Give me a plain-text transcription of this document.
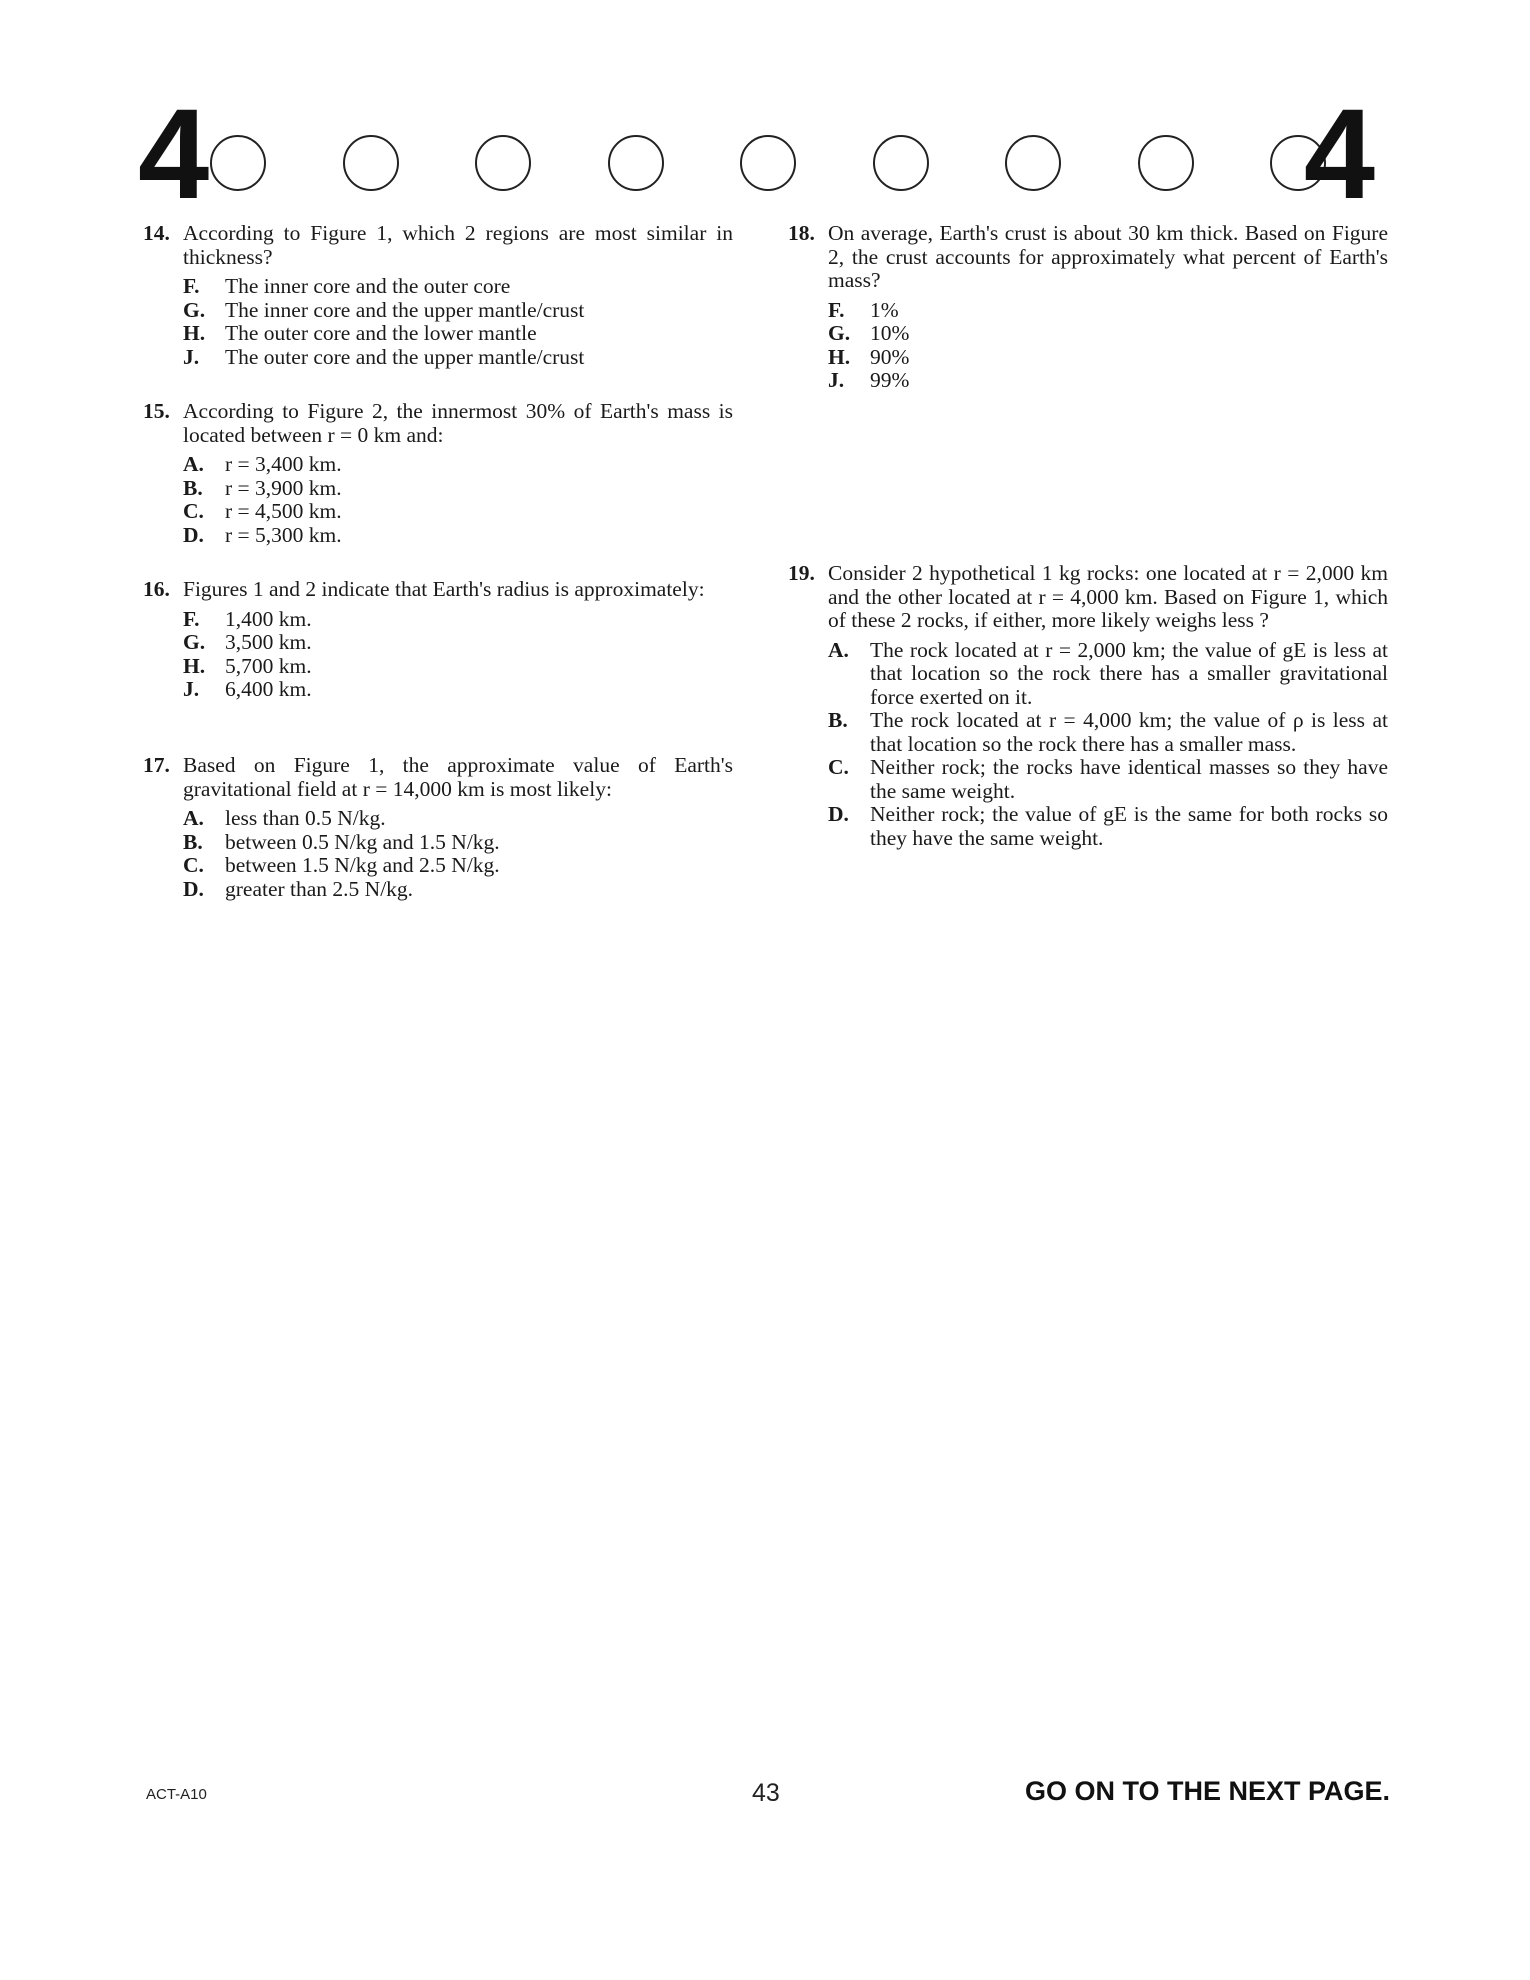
4	4
14. According to Figure 1, which 2 regions are most similar in thickness?
F. The inner core and the outer core
G. The inner core and the upper mantle/crust
H. The outer core and the lower mantle
J. The outer core and the upper mantle/crust
15. According to Figure 2, the innermost 30% of Earth's mass is located between r = 0 km and:
A. r = 3,400 km.
B. r = 3,900 km.
C. r = 4,500 km.
D. r = 5,300 km.
16. Figures 1 and 2 indicate that Earth's radius is approximately:
F. 1,400 km.
G. 3,500 km.
H. 5,700 km.
J. 6,400 km.
17. Based on Figure 1, the approximate value of Earth's gravitational field at r = 14,000 km is most likely:
A. less than 0.5 N/kg.
B. between 0.5 N/kg and 1.5 N/kg.
C. between 1.5 N/kg and 2.5 N/kg.
D. greater than 2.5 N/kg.
18. On average, Earth's crust is about 30 km thick. Based on Figure 2, the crust accounts for approximately what percent of Earth's mass?
F. 1%
G. 10%
H. 90%
J. 99%
19. Consider 2 hypothetical 1 kg rocks: one located at r = 2,000 km and the other located at r = 4,000 km. Based on Figure 1, which of these 2 rocks, if either, more likely weighs less ?
A. The rock located at r = 2,000 km; the value of gE is less at that location so the rock there has a smaller gravitational force exerted on it.
B. The rock located at r = 4,000 km; the value of ρ is less at that location so the rock there has a smaller mass.
C. Neither rock; the rocks have identical masses so they have the same weight.
D. Neither rock; the value of gE is the same for both rocks so they have the same weight.
ACT-A10	43	GO ON TO THE NEXT PAGE.
